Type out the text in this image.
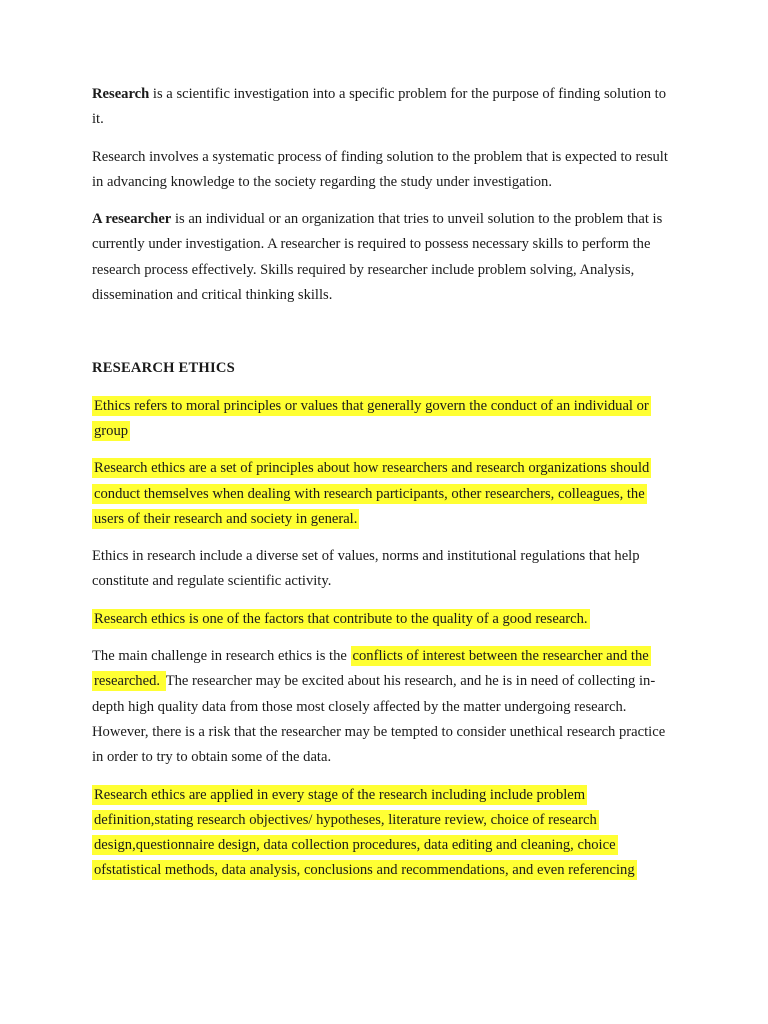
Research is a scientific investigation into a specific problem for the purpose of finding solution to it.

Research involves a systematic process of finding solution to the problem that is expected to result in advancing knowledge to the society regarding the study under investigation.

A researcher is an individual or an organization that tries to unveil solution to the problem that is currently under investigation. A researcher is required to possess necessary skills to perform the research process effectively. Skills required by researcher include problem solving, Analysis, dissemination and critical thinking skills.

RESEARCH ETHICS

Ethics refers to moral principles or values that generally govern the conduct of an individual or group

Research ethics are a set of principles about how researchers and research organizations should conduct themselves when dealing with research participants, other researchers, colleagues, the users of their research and society in general.

Ethics in research include a diverse set of values, norms and institutional regulations that help constitute and regulate scientific activity.

Research ethics is one of the factors that contribute to the quality of a good research.

The main challenge in research ethics is the conflicts of interest between the researcher and the researched. The researcher may be excited about his research, and he is in need of collecting in-depth high quality data from those most closely affected by the matter undergoing research. However, there is a risk that the researcher may be tempted to consider unethical research practice in order to try to obtain some of the data.

Research ethics are applied in every stage of the research including include problem definition,stating research objectives/ hypotheses, literature review, choice of research design,questionnaire design, data collection procedures, data editing and cleaning, choice ofstatistical methods, data analysis, conclusions and recommendations, and even referencing
